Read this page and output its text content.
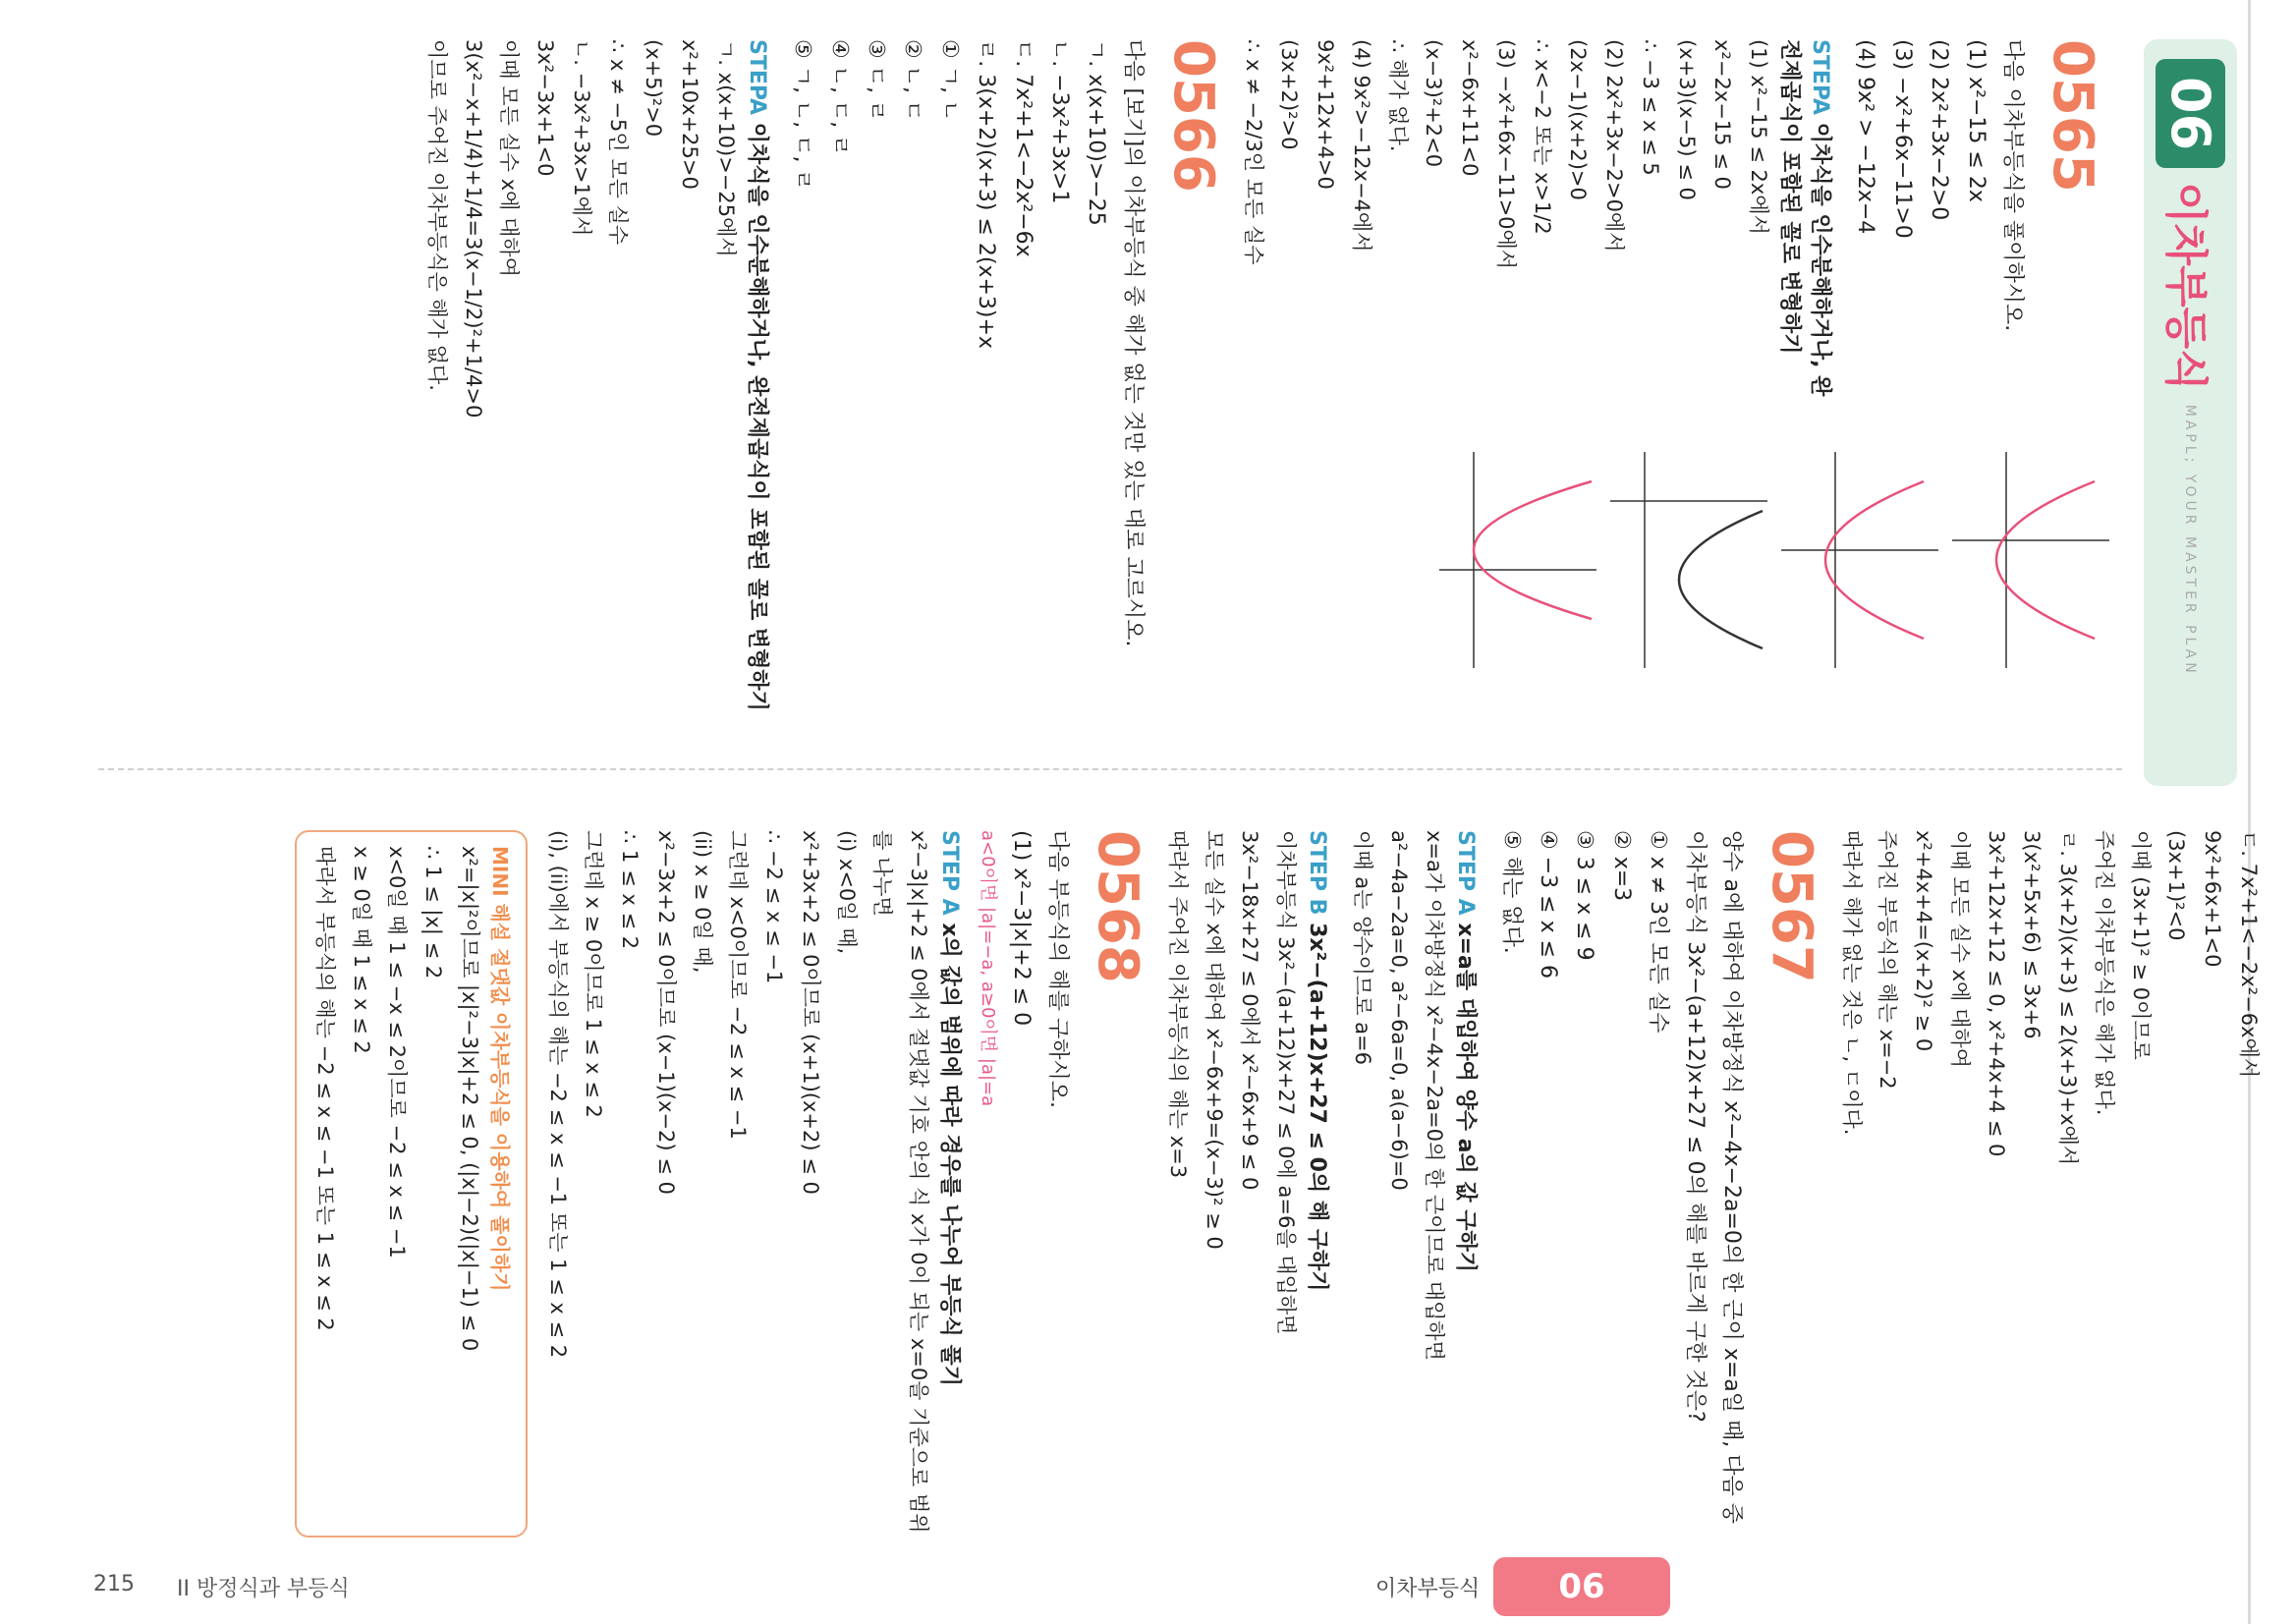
06
이차부등식
MAPL; YOUR MASTER PLAN
0565
다음 이차부등식을 풀이하시오.
(1) x²−15 ≤ 2x
(2) 2x²+3x−2>0
(3) −x²+6x−11>0
(4) 9x² > −12x−4
STEPA 이차식을 인수분해하거나, 완전제곱식이 포함된 꼴로 변형하기
(1) x²−15 ≤ 2x에서
x²−2x−15 ≤ 0
(x+3)(x−5) ≤ 0
∴ −3 ≤ x ≤ 5
(2) 2x²+3x−2>0에서
(2x−1)(x+2)>0
∴ x<−2 또는 x>1/2
(3) −x²+6x−11>0에서
x²−6x+11<0
(x−3)²+2<0
∴ 해가 없다.
(4) 9x²>−12x−4에서
9x²+12x+4>0
(3x+2)²>0
∴ x ≠ −2/3인 모든 실수

0566
다음 [보기]의 이차부등식 중 해가 없는 것만 있는 대로 고르시오.
ㄱ. x(x+10)>−25
ㄴ. −3x²+3x>1
ㄷ. 7x²+1<−2x²−6x
ㄹ. 3(x+2)(x+3) ≤ 2(x+3)+x
① ㄱ, ㄴ
② ㄴ, ㄷ
③ ㄷ, ㄹ
④ ㄴ, ㄷ, ㄹ
⑤ ㄱ, ㄴ, ㄷ, ㄹ
STEPA 이차식을 인수분해하거나, 완전제곱식이 포함된 꼴로 변형하기
ㄱ. x(x+10)>−25에서
x²+10x+25>0
(x+5)²>0
∴ x ≠ −5인 모든 실수
ㄴ. −3x²+3x>1에서
3x²−3x+1<0
이때 모든 실수 x에 대하여
3(x²−x+1/4)+1/4=3(x−1/2)²+1/4>0
이므로 주어진 이차부등식은 해가 없다.
ㄷ. 7x²+1<−2x²−6x에서
9x²+6x+1<0
(3x+1)²<0
이때 (3x+1)² ≥ 0이므로
주어진 이차부등식은 해가 없다.
ㄹ. 3(x+2)(x+3) ≤ 2(x+3)+x에서
3(x²+5x+6) ≤ 3x+6
3x²+12x+12 ≤ 0, x²+4x+4 ≤ 0
이때 모든 실수 x에 대하여
x²+4x+4=(x+2)² ≥ 0
주어진 부등식의 해는 x=−2
따라서 해가 없는 것은 ㄴ, ㄷ이다.
0567
양수 a에 대하여 이차방정식 x²−4x−2a=0의 한 근이 x=a일 때, 다음 중 이차부등식 3x²−(a+12)x+27 ≤ 0의 해를 바르게 구한 것은?
① x ≠ 3인 모든 실수
② x=3
③ 3 ≤ x ≤ 9
④ −3 ≤ x ≤ 6
⑤ 해는 없다.
STEP A x=a를 대입하여 양수 a의 값 구하기
x=a가 이차방정식 x²−4x−2a=0의 한 근이므로 대입하면
a²−4a−2a=0, a²−6a=0, a(a−6)=0
이때 a는 양수이므로 a=6
STEP B 3x²−(a+12)x+27 ≤ 0의 해 구하기
이차부등식 3x²−(a+12)x+27 ≤ 0에 a=6을 대입하면
3x²−18x+27 ≤ 0에서 x²−6x+9 ≤ 0
모든 실수 x에 대하여 x²−6x+9=(x−3)² ≥ 0
따라서 주어진 이차부등식의 해는 x=3
0568
다음 부등식의 해를 구하시오.
(1) x²−3|x|+2 ≤ 0
a<0이면 |a|=−a, a≥0이면 |a|=a
STEP A x의 값의 범위에 따라 경우를 나누어 부등식 풀기
x²−3|x|+2 ≤ 0에서 절댓값 기호 안의 식 x가 0이 되는 x=0을 기준으로 범위를 나누면
(i) x<0일 때,
x²+3x+2 ≤ 0이므로 (x+1)(x+2) ≤ 0
∴ −2 ≤ x ≤ −1
그런데 x<0이므로 −2 ≤ x ≤ −1
(ii) x ≥ 0일 때,
x²−3x+2 ≤ 0이므로 (x−1)(x−2) ≤ 0
∴ 1 ≤ x ≤ 2
그런데 x ≥ 0이므로 1 ≤ x ≤ 2
(i), (ii)에서 부등식의 해는 −2 ≤ x ≤ −1 또는 1 ≤ x ≤ 2
MINI 해설 절댓값 이차부등식을 이용하여 풀이하기
x²=|x|²이므로 |x|²−3|x|+2 ≤ 0, (|x|−2)(|x|−1) ≤ 0
∴ 1 ≤ |x| ≤ 2
x<0일 때 1 ≤ −x ≤ 2이므로 −2 ≤ x ≤ −1
x ≥ 0일 때 1 ≤ x ≤ 2
따라서 부등식의 해는 −2 ≤ x ≤ −1 또는 1 ≤ x ≤ 2
06
이차부등식
215 II 방정식과 부등식
